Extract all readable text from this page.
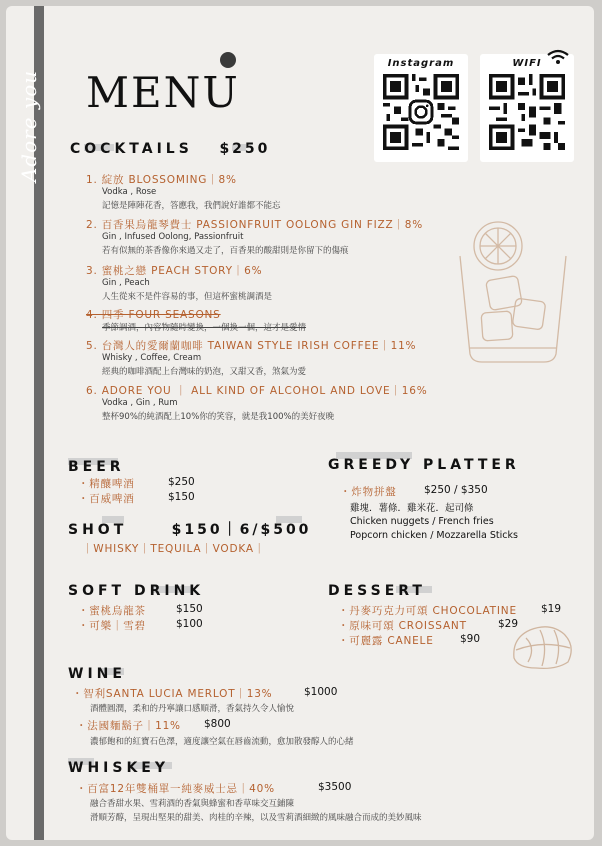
Adore you MENU
Instagram	WIFI
COCKTAILS $250
1. 綻放 BLOSSOMING｜8%
Vodka , Rose
記憶是陣陣花香，答應我，我們說好誰都不能忘
2. 百香果烏龍琴費士 PASSIONFRUIT OOLONG GIN FIZZ｜8%
Gin , Infused Oolong, Passionfruit
若有似無的茶香像你來過又走了，百香果的酸甜則是你留下的傷痕
3. 蜜桃之戀 PEACH STORY｜6%
Gin , Peach
人生從來不是件容易的事，但這杯蜜桃調酒是
4. 四季 FOUR SEASONS
季節調酒，內容物隨時變換，一個換一個，這才是愛情
5. 台灣人的愛爾蘭咖啡 TAIWAN STYLE IRISH COFFEE｜11%
Whisky , Coffee, Cream
經典的咖啡酒配上台灣味的奶泡，又甜又香，煞氣为愛
6. ADORE YOU ｜ ALL KIND OF ALCOHOL AND LOVE｜16%
Vodka , Gin , Rum
整杯90%的純酒配上10%你的笑容，就是我100%的美好夜晚
BEER
・精釀啤酒	$250
・百威啤酒	$150
SHOT	$150｜6/$500
｜WHISKY｜TEQUILA｜VODKA｜
GREEDY PLATTER
・炸物拼盤	$250 / $350
雞塊．薯條．雞米花．起司條
Chicken nuggets / French fries
Popcorn chicken / Mozzarella Sticks
SOFT DRINK
・蜜桃烏龍茶	$150
・可樂｜雪碧	$100
DESSERT
・丹麥巧克力可頌 CHOCOLATINE $19
・原味可頌 CROISSANT	$29
・可麗露 CANELE	$90
WINE
・智利SANTA LUCIA MERLOT｜13%	$1000
酒體圓潤，柔和的丹寧讓口感順滑，香氣持久令人愉悅
・法國麵鬍子｜11% $800
濃郁飽和的紅寶石色澤，適度讓空氣在唇齒流動，愈加散發醇人的心緒
WHISKEY
・百富12年雙桶單一純麥威士忌｜40%	$3500
融合香甜水果、雪莉酒的香氣與蜂蜜和香草味交互鋪陳
滑順芳醇，呈現出堅果的甜美、肉桂的辛辣，以及雪莉酒細緻的風味融合而成的美妙風味
